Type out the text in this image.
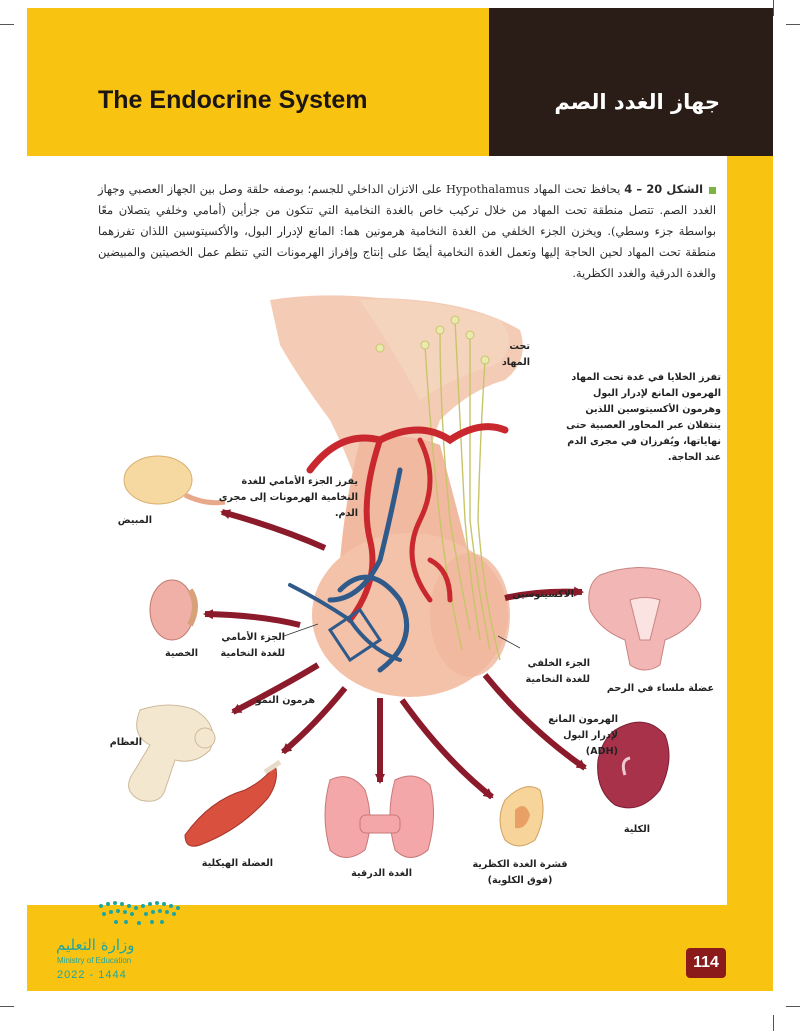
The Endocrine System	جهاز الغدد الصم
الشكل 20 – 4 يحافظ تحت المهاد Hypothalamus على الاتزان الداخلي للجسم؛ بوصفه حلقة وصل بين الجهاز العصبي وجهاز الغدد الصم. تتصل منطقة تحت المهاد من خلال تركيب خاص بالغدة النخامية التي تتكون من جزأين (أمامي وخلفي يتصلان معًا بواسطة جزء وسطي). ويخزن الجزء الخلفي من الغدة النخامية هرمونين هما: المانع لإدرار البول، والأكسيتوسين اللذان تفرزهما منطقة تحت المهاد لحين الحاجة إليها وتعمل الغدة النخامية أيضًا على إنتاج وإفراز الهرمونات التي تنظم عمل الخصيتين والمبيضين والغدة الدرقية والغدد الكظرية.
تحت المهاد
تفرز الخلايا في غدة تحت المهاد الهرمون المانع لإدرار البول وهرمون الأكسيتوسين اللذين ينتقلان عبر المحاور العصبية حتى نهاياتها، ويُفرزان في مجرى الدم عند الحاجة.
يفرز الجزء الأمامي للغدة النخامية الهرمونات إلى مجرى الدم.
المبيض
الخصية
الجزء الأمامي للغدة النخامية
هرمون النمو
العظام
العضلة الهيكلية
الغدة الدرقية
قشرة الغدة الكظرية (فوق الكلوية)
الاكسيتوسين
الجزء الخلفي للغدة النخامية
عضلة ملساء في الرحم
الهرمون المانع لإدرار البول (ADH)
الكلية
وزارة التعليم
Ministry of Education
2022 - 1444
114
